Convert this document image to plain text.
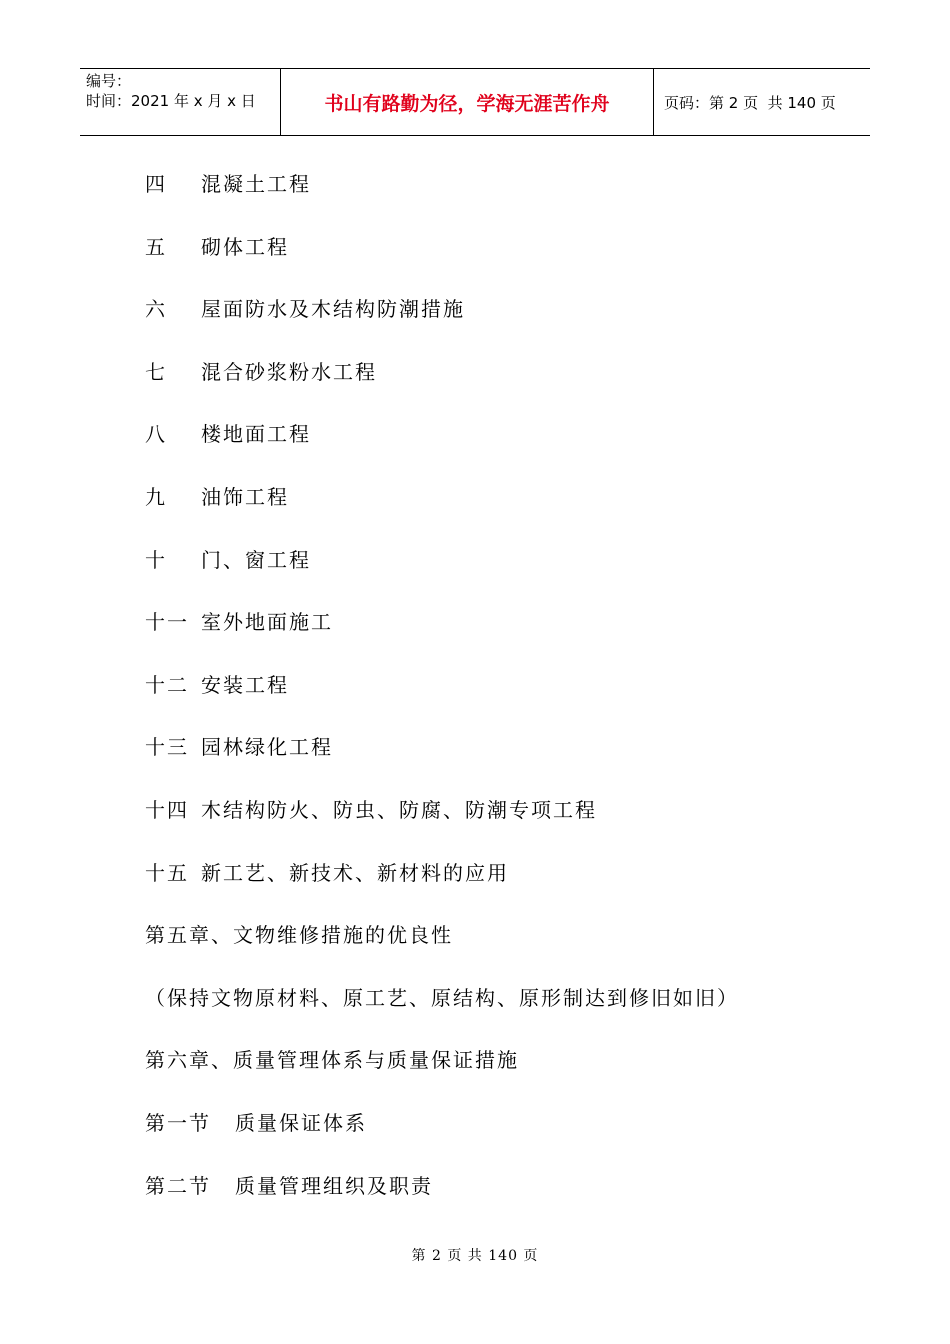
编号：
时间：2021 年 x 月 x 日	书山有路勤为径，学海无涯苦作舟	页码：第 2 页  共 140 页
四 混凝土工程
五 砌体工程
六 屋面防水及木结构防潮措施
七 混合砂浆粉水工程
八 楼地面工程
九 油饰工程
十 门、窗工程
十一 室外地面施工
十二 安装工程
十三 园林绿化工程
十四 木结构防火、防虫、防腐、防潮专项工程
十五 新工艺、新技术、新材料的应用
第五章、文物维修措施的优良性
（保持文物原材料、原工艺、原结构、原形制达到修旧如旧）
第六章、质量管理体系与质量保证措施
第一节 质量保证体系
第二节 质量管理组织及职责
第 2 页 共 140 页
